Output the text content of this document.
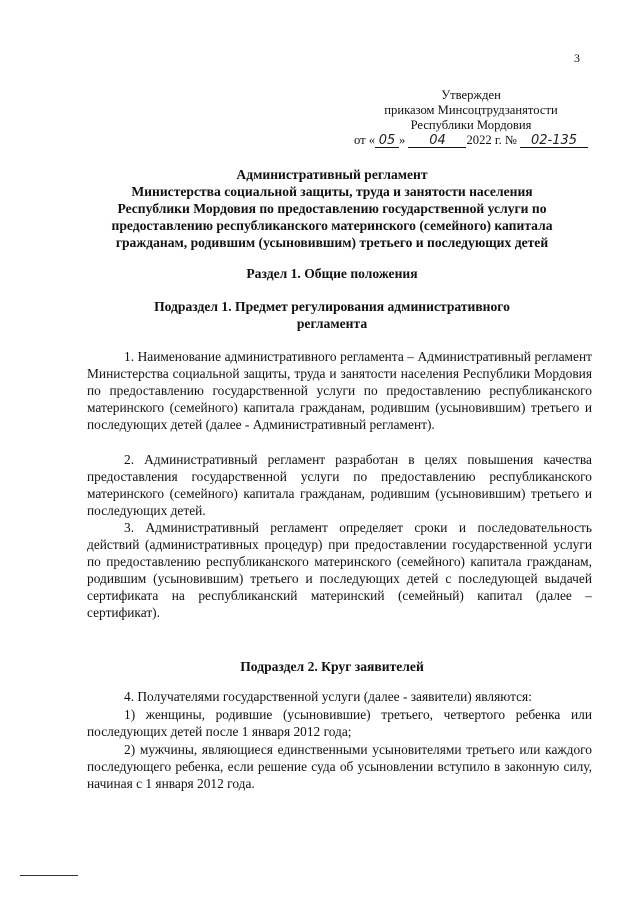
3
Утвержден
приказом Минсоцтрудзанятости
Республики Мордовия
от « 05 » 04 2022 г. № 02-135
Административный регламент
Министерства социальной защиты, труда и занятости населения
Республики Мордовия по предоставлению государственной услуги по
предоставлению республиканского материнского (семейного) капитала
гражданам, родившим (усыновившим) третьего и последующих детей
Раздел 1. Общие положения
Подраздел 1. Предмет регулирования административного
регламента

1. Наименование административного регламента – Административный регламент Министерства социальной защиты, труда и занятости населения Республики Мордовия по предоставлению государственной услуги по предоставлению республиканского материнского (семейного) капитала гражданам, родившим (усыновившим) третьего и последующих детей (далее - Административный регламент).

2. Административный регламент разработан в целях повышения качества предоставления государственной услуги по предоставлению республиканского материнского (семейного) капитала гражданам, родившим (усыновившим) третьего и последующих детей.

3. Административный регламент определяет сроки и последовательность действий (административных процедур) при предоставлении государственной услуги по предоставлению республиканского материнского (семейного) капитала гражданам, родившим (усыновившим) третьего и последующих детей с последующей выдачей сертификата на республиканский материнский (семейный) капитал (далее – сертификат).

Подраздел 2. Круг заявителей

4. Получателями государственной услуги (далее - заявители) являются:

1) женщины, родившие (усыновившие) третьего, четвертого ребенка или последующих детей после 1 января 2012 года;

2) мужчины, являющиеся единственными усыновителями третьего или каждого последующего ребенка, если решение суда об усыновлении вступило в законную силу, начиная с 1 января 2012 года.
